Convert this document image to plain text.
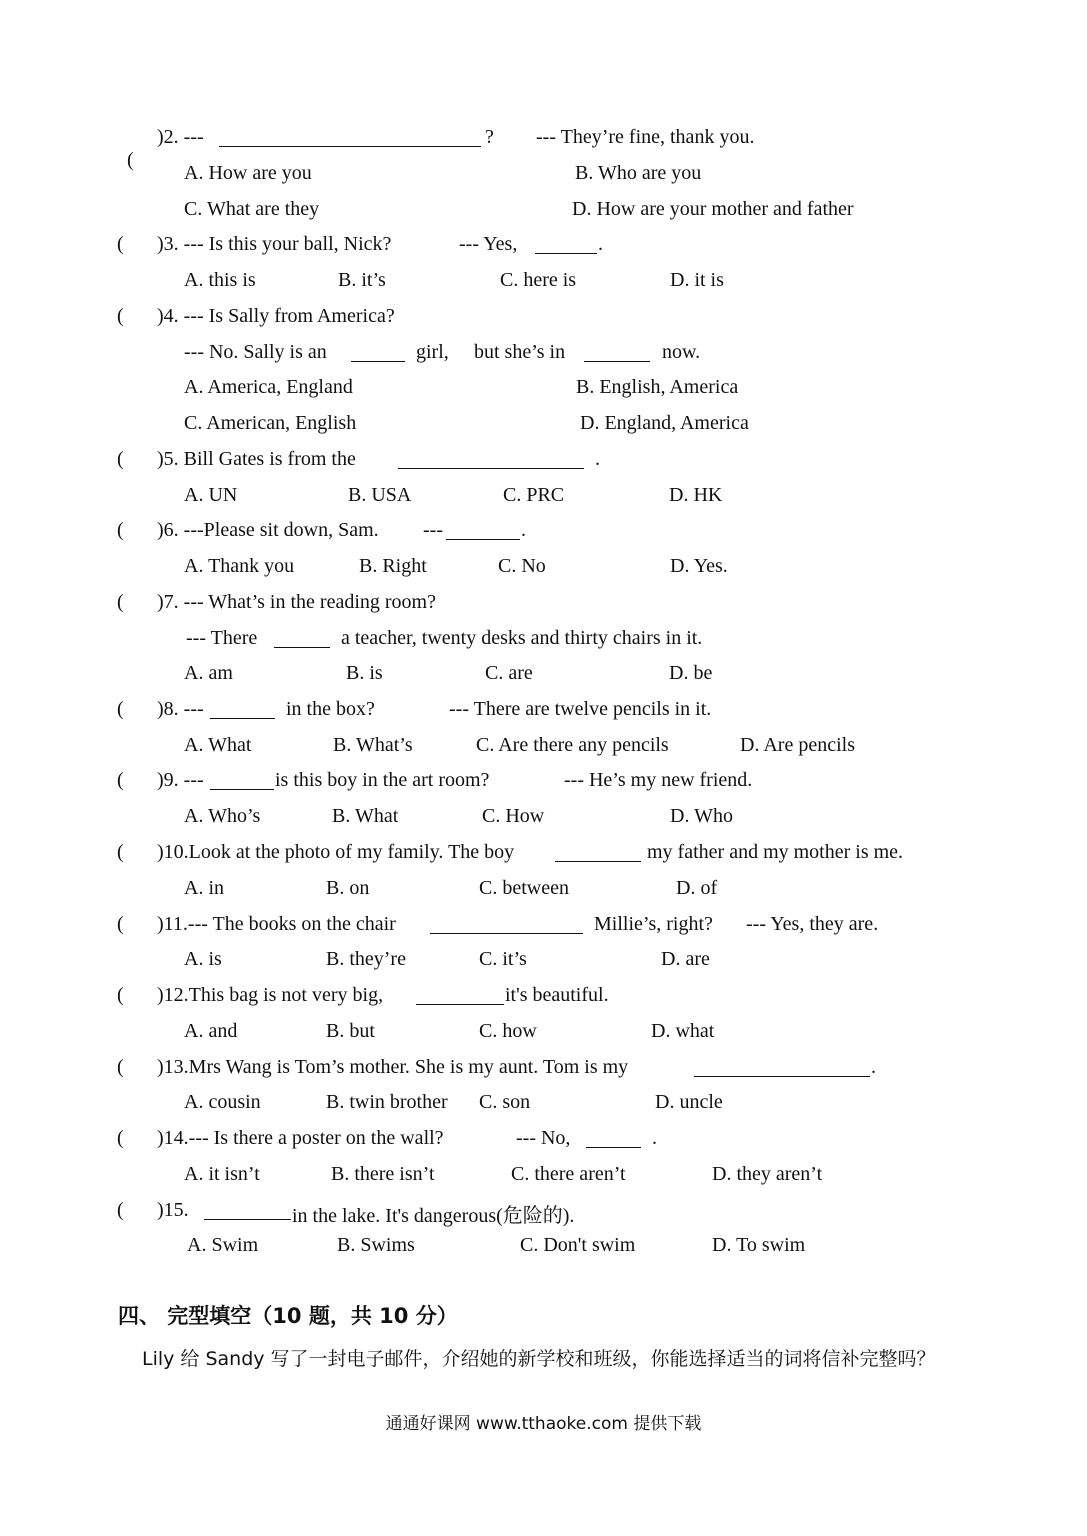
(

)2. ---	? --- They’re fine, thank you.
A. How are you	B. Who are you
C. What are they	D. How are your mother and father
( )3. --- Is this your ball, Nick?	--- Yes,	.
A. this is	B. it’s	C. here is	D. it is
( )4. --- Is Sally from America?
--- No. Sally is an	girl, but she’s in	now.
A. America, England	B. English, America
C. American, English	D. England, America
( )5. Bill Gates is from the	.
A. UN	B. USA	C. PRC	D. HK
( )6. ---Please sit down, Sam. ---	.
A. Thank you	B. Right	C. No	D. Yes.
( )7. --- What’s in the reading room?
--- There	a teacher, twenty desks and thirty chairs in it.
A. am	B. is	C. are	D. be
( )8. ---	in the box?	--- There are twelve pencils in it.
A. What	B. What’s	C. Are there any pencils	D. Are pencils
( )9. ---	is this boy in the art room?	--- He’s my new friend.
A. Who’s	B. What	C. How	D. Who
( )10.Look at the photo of my family. The boy	my father and my mother is me.
A. in	B. on	C. between	D. of
( )11.--- The books on the chair	Millie’s, right? --- Yes, they are.
A. is	B. they’re	C. it’s	D. are
( )12.This bag is not very big,	it's beautiful.
A. and	B. but	C. how	D. what
( )13.Mrs Wang is Tom’s mother. She is my aunt. Tom is my	.
A. cousin	B. twin brother C. son	D. uncle
( )14.--- Is there a poster on the wall?	--- No,	.
A. it isn’t	B. there isn’t	C. there aren’t	D. they aren’t
( )15.	in the lake. It's dangerous(危险的).
A. Swim	B. Swims	C. Don't swim	D. To swim
四、 完型填空（10 题，共 10 分）
Lily 给 Sandy 写了一封电子邮件，介绍她的新学校和班级，你能选择适当的词将信补完整吗？
通通好课网 www.tthaoke.com 提供下载
